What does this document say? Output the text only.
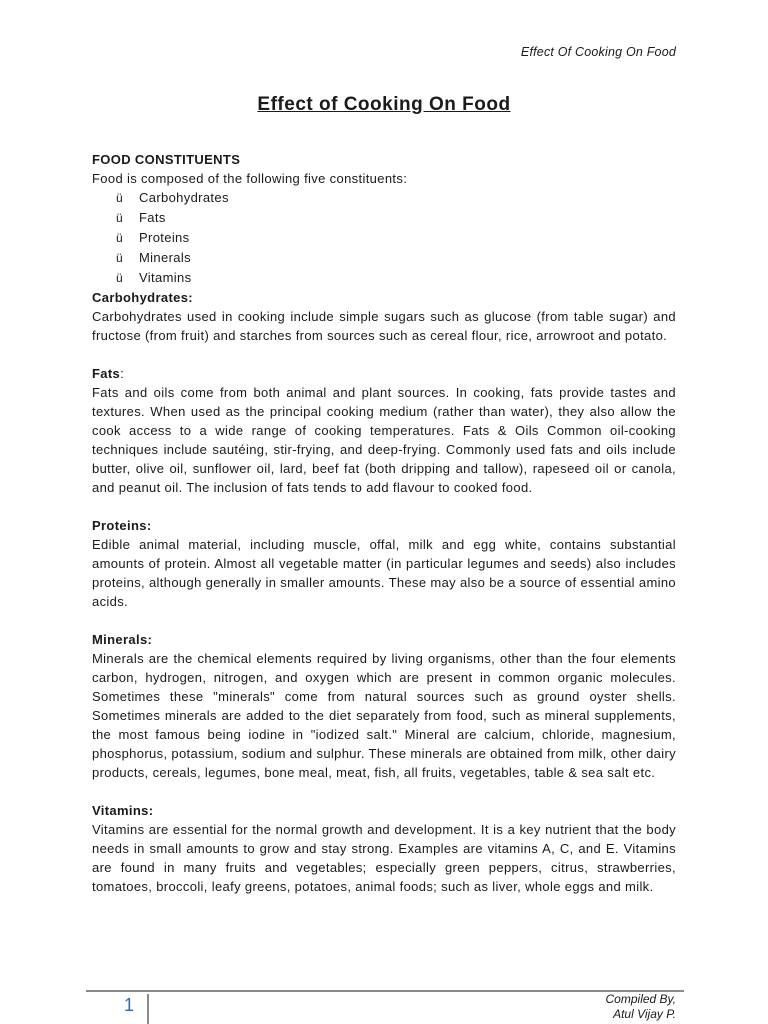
Effect Of Cooking On Food
Effect of Cooking On Food

FOOD CONSTITUENTS

Food is composed of the following five constituents:

ü	Carbohydrates
ü	Fats
ü	Proteins
ü	Minerals
ü	Vitamins

Carbohydrates:

Carbohydrates used in cooking include simple sugars such as glucose (from table sugar) and fructose (from fruit) and starches from sources such as cereal flour, rice, arrowroot and potato.

Fats:

Fats and oils come from both animal and plant sources. In cooking, fats provide tastes and textures. When used as the principal cooking medium (rather than water), they also allow the cook access to a wide range of cooking temperatures. Fats & Oils Common oil-cooking techniques include sautéing, stir-frying, and deep-frying. Commonly used fats and oils include butter, olive oil, sunflower oil, lard, beef fat (both dripping and tallow), rapeseed oil or canola, and peanut oil. The inclusion of fats tends to add flavour to cooked food.

Proteins:

Edible animal material, including muscle, offal, milk and egg white, contains substantial amounts of protein. Almost all vegetable matter (in particular legumes and seeds) also includes proteins, although generally in smaller amounts. These may also be a source of essential amino acids.

Minerals:

Minerals are the chemical elements required by living organisms, other than the four elements carbon, hydrogen, nitrogen, and oxygen which are present in common organic molecules. Sometimes these "minerals" come from natural sources such as ground oyster shells. Sometimes minerals are added to the diet separately from food, such as mineral supplements, the most famous being iodine in "iodized salt." Mineral are calcium, chloride, magnesium, phosphorus, potassium, sodium and sulphur. These minerals are obtained from milk, other dairy products, cereals, legumes, bone meal, meat, fish, all fruits, vegetables, table & sea salt etc.

Vitamins:

Vitamins are essential for the normal growth and development. It is a key nutrient that the body needs in small amounts to grow and stay strong. Examples are vitamins A, C, and E. Vitamins are found in many fruits and vegetables; especially green peppers, citrus, strawberries, tomatoes, broccoli, leafy greens, potatoes, animal foods; such as liver, whole eggs and milk.

1	Compiled By,
Atul Vijay P.
